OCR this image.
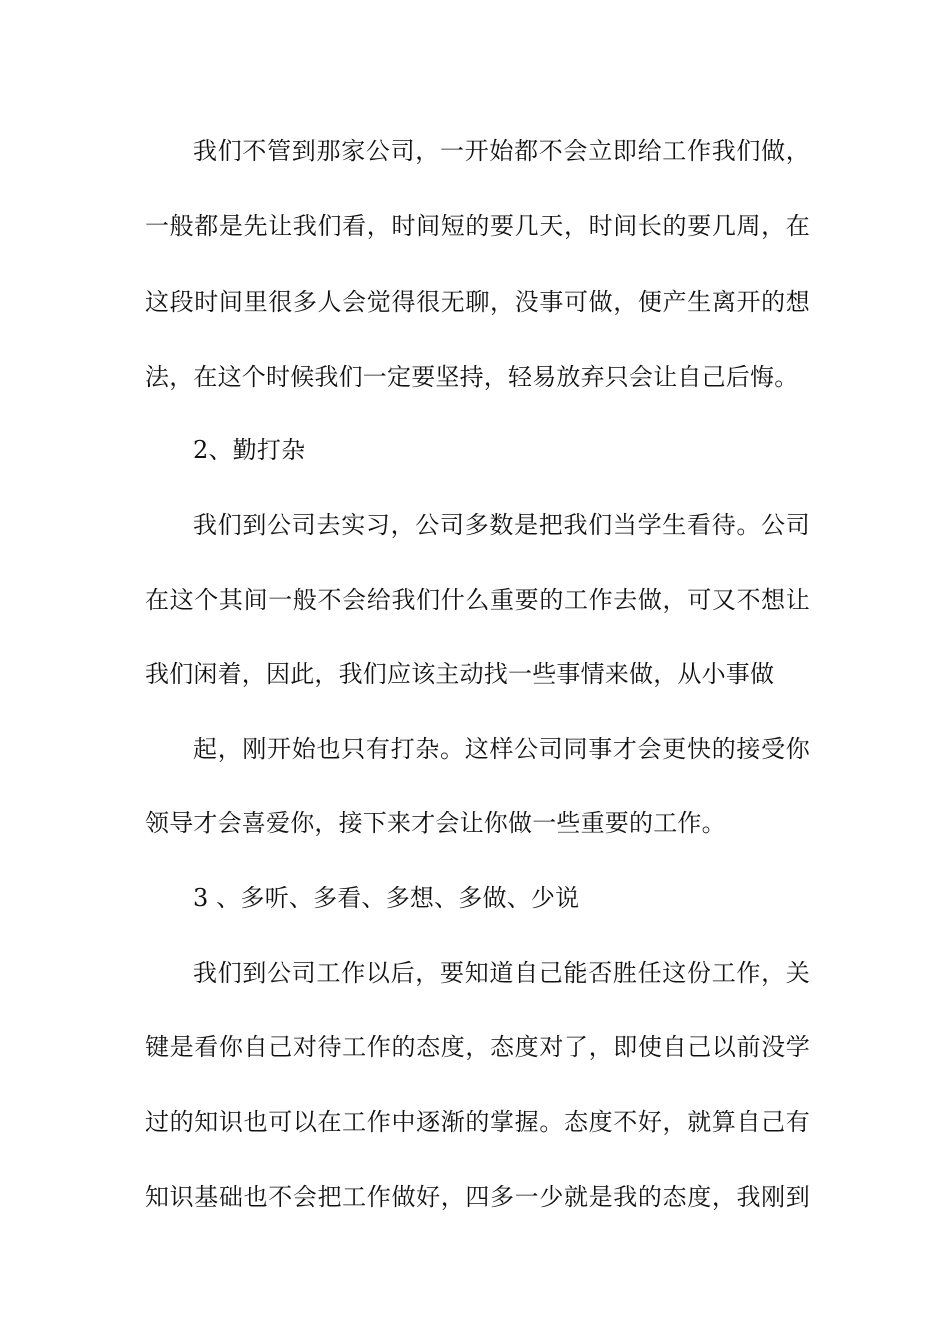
我们不管到那家公司，一开始都不会立即给工作我们做，
一般都是先让我们看，时间短的要几天，时间长的要几周，在
这段时间里很多人会觉得很无聊，没事可做，便产生离开的想
法，在这个时候我们一定要坚持，轻易放弃只会让自己后悔。
2、勤打杂
我们到公司去实习，公司多数是把我们当学生看待。公司
在这个其间一般不会给我们什么重要的工作去做，可又不想让
我们闲着，因此，我们应该主动找一些事情来做，从小事做
起，刚开始也只有打杂。这样公司同事才会更快的接受你
领导才会喜爱你，接下来才会让你做一些重要的工作。
3 、多听、多看、多想、多做、少说
我们到公司工作以后，要知道自己能否胜任这份工作，关
键是看你自己对待工作的态度，态度对了，即使自己以前没学
过的知识也可以在工作中逐渐的掌握。态度不好，就算自己有
知识基础也不会把工作做好，四多一少就是我的态度，我刚到
